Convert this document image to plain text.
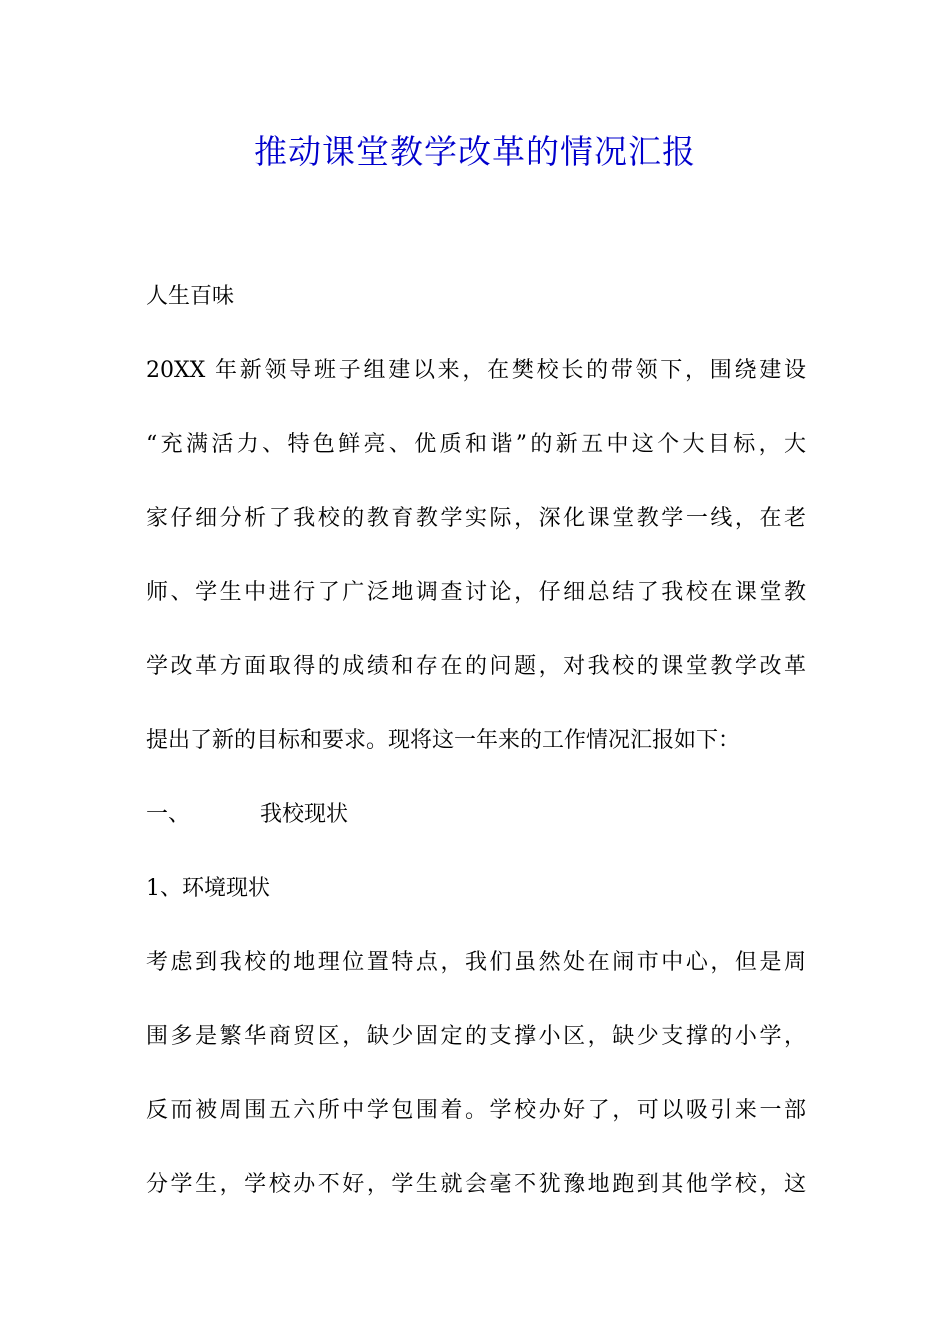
推动课堂教学改革的情况汇报
人生百味
20XX 年新领导班子组建以来，在樊校长的带领下，围绕建设
“充满活力、特色鲜亮、优质和谐”的新五中这个大目标，大
家仔细分析了我校的教育教学实际，深化课堂教学一线，在老
师、学生中进行了广泛地调查讨论，仔细总结了我校在课堂教
学改革方面取得的成绩和存在的问题，对我校的课堂教学改革
提出了新的目标和要求。现将这一年来的工作情况汇报如下：
一、	我校现状
1、环境现状
考虑到我校的地理位置特点，我们虽然处在闹市中心，但是周
围多是繁华商贸区，缺少固定的支撑小区，缺少支撑的小学，
反而被周围五六所中学包围着。学校办好了，可以吸引来一部
分学生，学校办不好，学生就会毫不犹豫地跑到其他学校，这
